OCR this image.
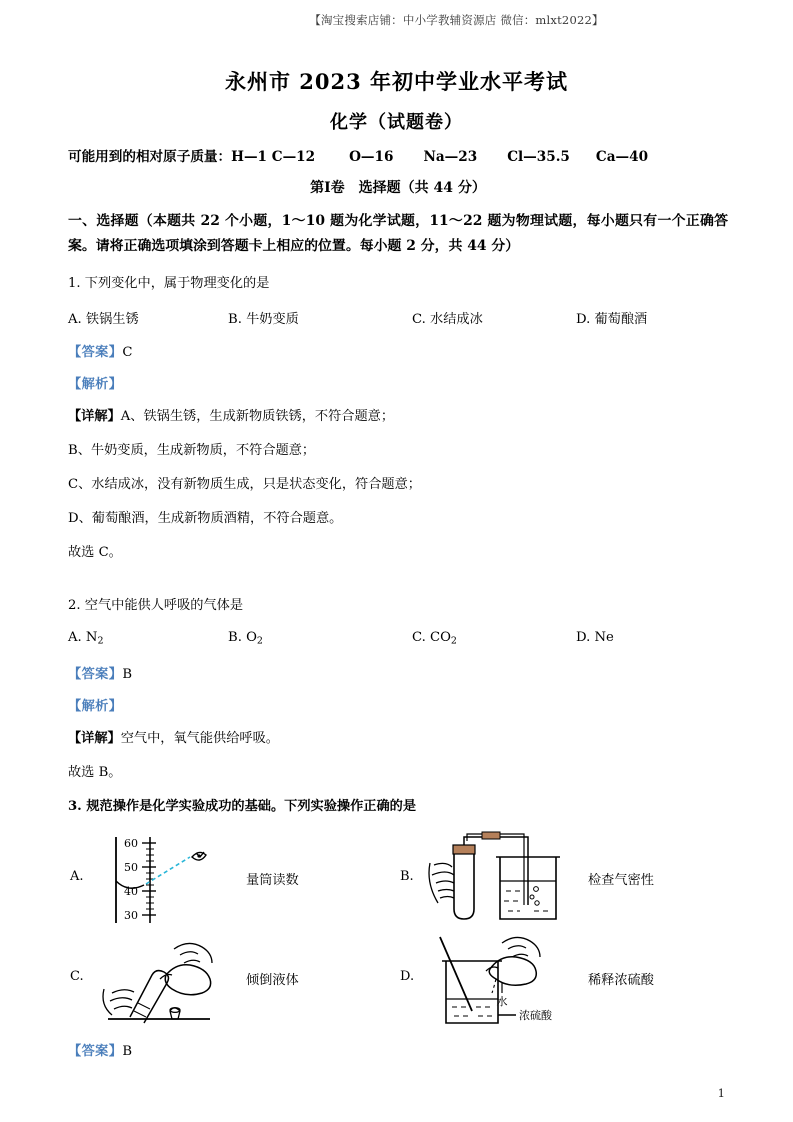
【淘宝搜索店铺：中小学教辅资源店 微信：mlxt2022】
永州市 2023 年初中学业水平考试
化学（试题卷）
可能用到的相对原子质量：H—1 C—12	O—16 Na—23 Cl—35.5 Ca—40
第I卷 选择题（共 44 分）
一、选择题（本题共 22 个小题，1～10 题为化学试题，11～22 题为物理试题，每小题只有一个正确答案。请将正确选项填涂到答题卡上相应的位置。每小题 2 分，共 44 分）
1. 下列变化中，属于物理变化的是
A. 铁锅生锈	B. 牛奶变质	C. 水结成冰	D. 葡萄酿酒
【答案】C
【解析】
【详解】A、铁锅生锈，生成新物质铁锈，不符合题意；
B、牛奶变质，生成新物质，不符合题意；
C、水结成冰，没有新物质生成，只是状态变化，符合题意；
D、葡萄酿酒，生成新物质酒精，不符合题意。
故选 C。
2. 空气中能供人呼吸的气体是
A. $N_2$	B. $O_2$	C. $CO_2$	D. Ne
【答案】B
【解析】
【详解】空气中，氧气能供给呼吸。
故选 B。
3. 规范操作是化学实验成功的基础。下列实验操作正确的是
A.
60
50
40
30
量筒读数	B.	检查气密性
C.	倾倒液体	D.
水
浓硫酸
稀释浓硫酸
【答案】B
1
